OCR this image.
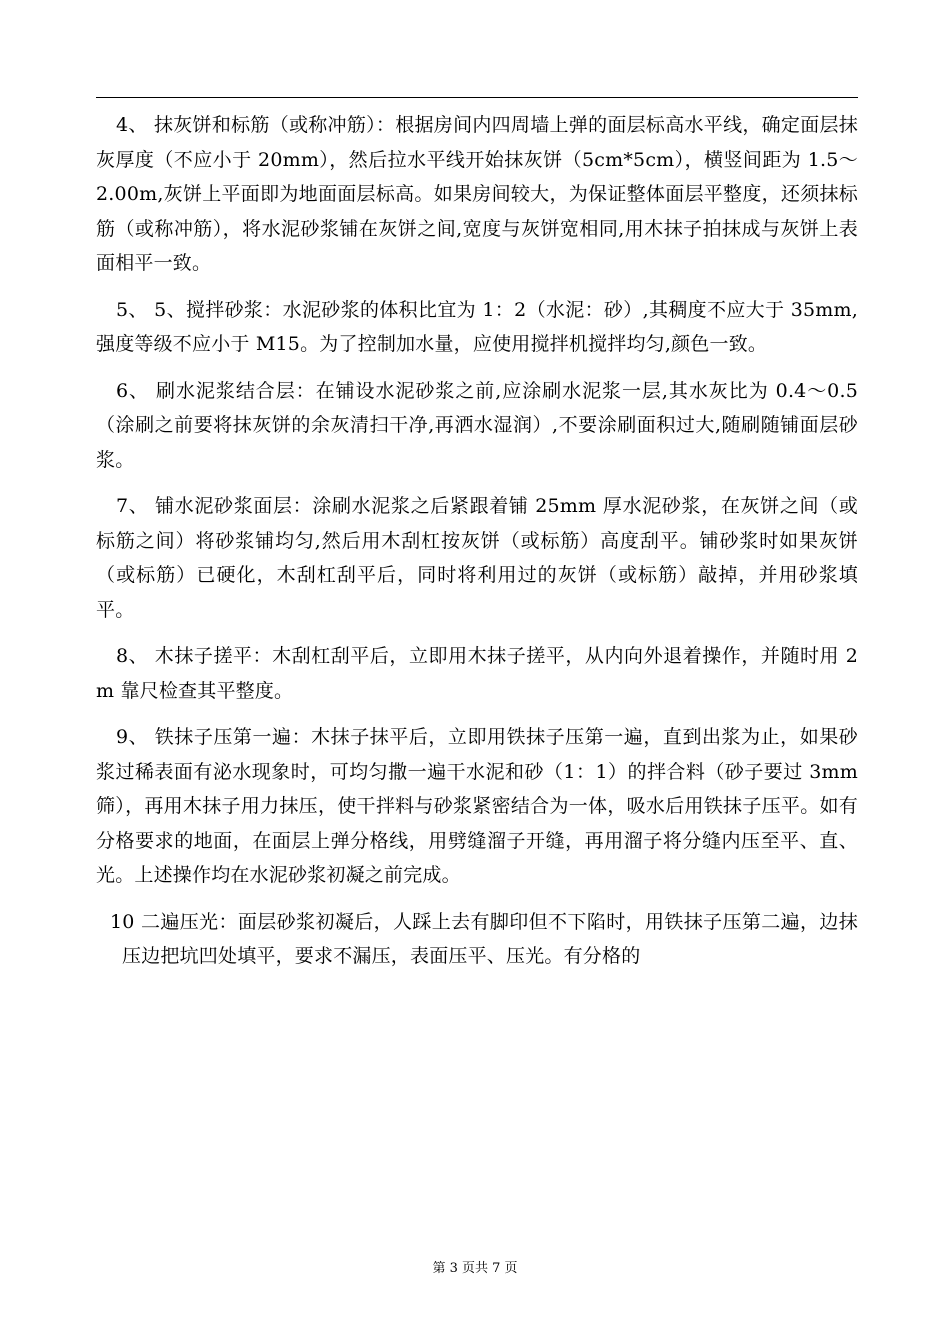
4、 抹灰饼和标筋（或称冲筋）：根据房间内四周墙上弹的面层标高水平线，确定面层抹灰厚度（不应小于 20mm），然后拉水平线开始抹灰饼（5cm*5cm），横竖间距为 1.5～2.00m,灰饼上平面即为地面面层标高。如果房间较大，为保证整体面层平整度，还须抹标筋（或称冲筋），将水泥砂浆铺在灰饼之间,宽度与灰饼宽相同,用木抹子拍抹成与灰饼上表面相平一致。

5、 5、搅拌砂浆：水泥砂浆的体积比宜为 1：2（水泥：砂）,其稠度不应大于 35mm,强度等级不应小于 M15。为了控制加水量，应使用搅拌机搅拌均匀,颜色一致。

6、 刷水泥浆结合层：在铺设水泥砂浆之前,应涂刷水泥浆一层,其水灰比为 0.4～0.5（涂刷之前要将抹灰饼的余灰清扫干净,再洒水湿润）,不要涂刷面积过大,随刷随铺面层砂浆。

7、 铺水泥砂浆面层：涂刷水泥浆之后紧跟着铺 25mm 厚水泥砂浆，在灰饼之间（或标筋之间）将砂浆铺均匀,然后用木刮杠按灰饼（或标筋）高度刮平。铺砂浆时如果灰饼（或标筋）已硬化，木刮杠刮平后，同时将利用过的灰饼（或标筋）敲掉，并用砂浆填平。

8、 木抹子搓平：木刮杠刮平后，立即用木抹子搓平，从内向外退着操作，并随时用 2m 靠尺检查其平整度。

9、 铁抹子压第一遍：木抹子抹平后，立即用铁抹子压第一遍，直到出浆为止，如果砂浆过稀表面有泌水现象时，可均匀撒一遍干水泥和砂（1：1）的拌合料（砂子要过 3mm 筛），再用木抹子用力抹压，使干拌料与砂浆紧密结合为一体，吸水后用铁抹子压平。如有分格要求的地面，在面层上弹分格线，用劈缝溜子开缝，再用溜子将分缝内压至平、直、光。上述操作均在水泥砂浆初凝之前完成。

10 二遍压光：面层砂浆初凝后，人踩上去有脚印但不下陷时，用铁抹子压第二遍，边抹压边把坑凹处填平，要求不漏压，表面压平、压光。有分格的

第 3 页共 7 页
